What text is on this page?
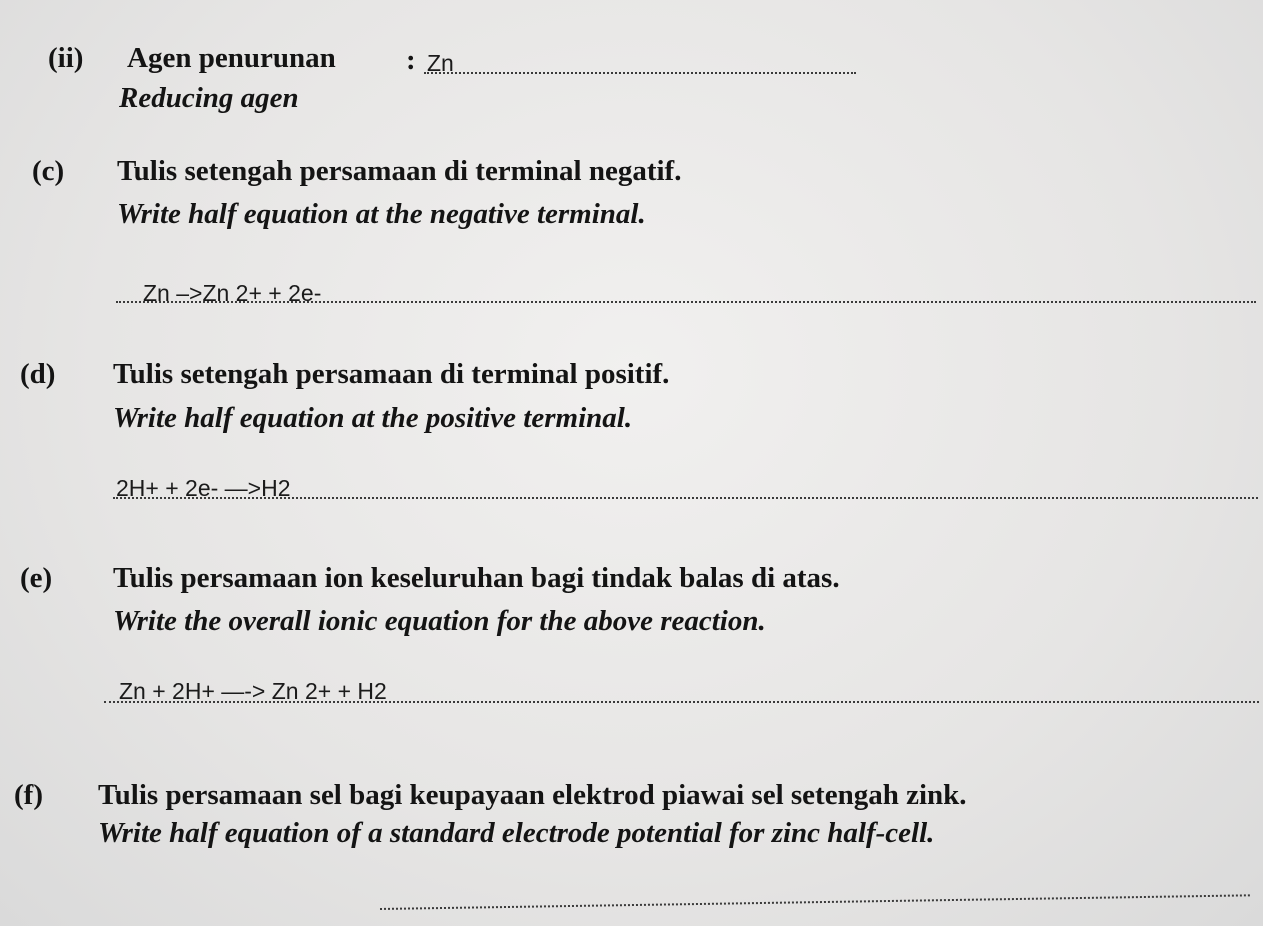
(ii) Agen penurunan : Zn
Reducing agen
(c) Tulis setengah persamaan di terminal negatif.
Write half equation at the negative terminal.
Zn –>Zn 2+ + 2e-
(d) Tulis setengah persamaan di terminal positif.
Write half equation at the positive terminal.
2H+ + 2e- —>H2
(e) Tulis persamaan ion keseluruhan bagi tindak balas di atas.
Write the overall ionic equation for the above reaction.
Zn + 2H+ —-> Zn 2+ + H2
(f) Tulis persamaan sel bagi keupayaan elektrod piawai sel setengah zink.
Write half equation of a standard electrode potential for zinc half-cell.
